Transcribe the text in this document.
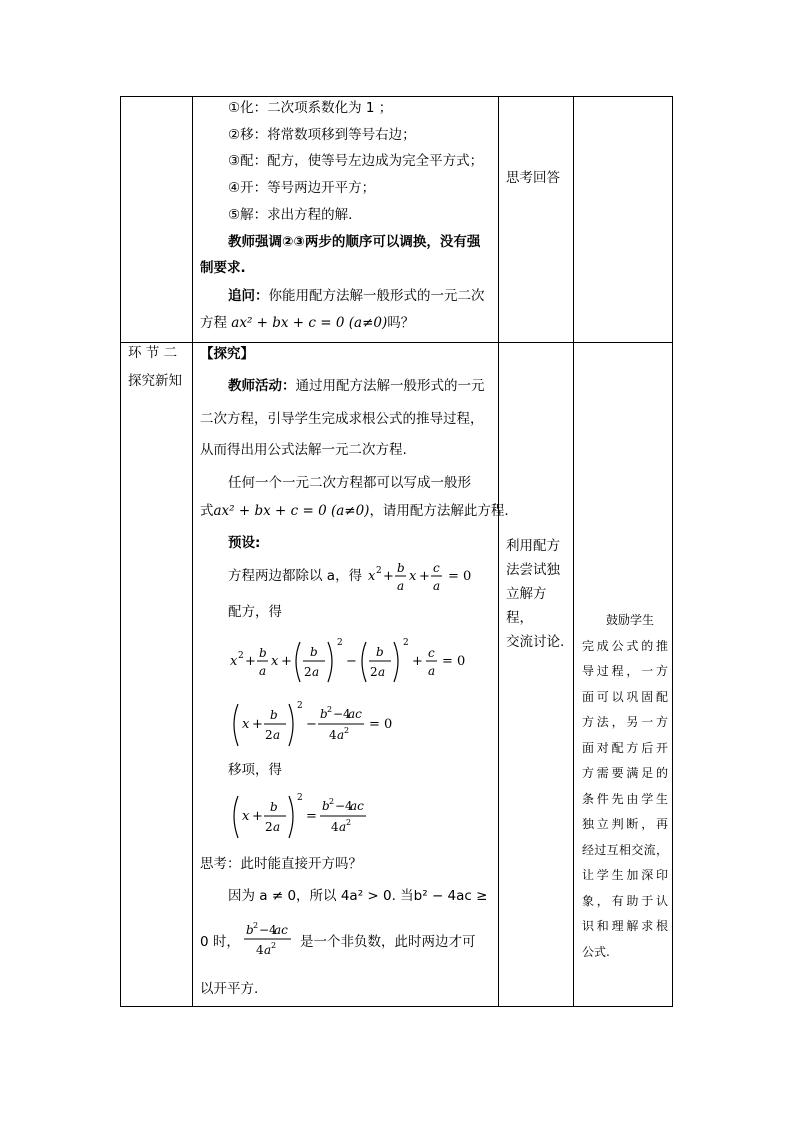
①化：二次项系数化为 1 ；
②移：将常数项移到等号右边；
③配：配方，使等号左边成为完全平方式；
④开：等号两边开平方；
⑤解：求出方程的解.
教师强调②③两步的顺序可以调换，没有强
制要求.
追问：你能用配方法解一般形式的一元二次
方程 ax² + bx + c = 0 (a≠0)吗？
思考回答
环 节 二
探究新知
【探究】
教师活动：通过用配方法解一般形式的一元
二次方程，引导学生完成求根公式的推导过程，
从而得出用公式法解一元二次方程.
任何一个一元二次方程都可以写成一般形
式ax² + bx + c = 0 (a≠0)，请用配方法解此方程.
预设:
方程两边都除以 a，得 x 2 +
b
a
x +
c
a
= 0
配方，得
x 2 +
b
a
x +
b
2 a
2
−
b
2 a
2
+
c
a
= 0
x +
b
2 a
2
−
b 2 −4
ac
4 a 2 = 0
移项，得
x +
b
2 a
2
=
b 2 −4
ac
4 a 2
思考：此时能直接开方吗？
因为 a ≠ 0，所以 4a² > 0. 当b² − 4ac ≥
0 时，
b 2 −4
ac
4 a 2 是一个非负数，此时两边才可
以开平方.
利用配方
法尝试独
立解方程，
交流讨论.
鼓励学生
完成公式的推
导过程，一方
面可以巩固配
方法，另一方
面对配方后开
方需要满足的
条件先由学生
独立判断，再
经过互相交流，
让学生加深印
象，有助于认
识和理解求根
公式.
